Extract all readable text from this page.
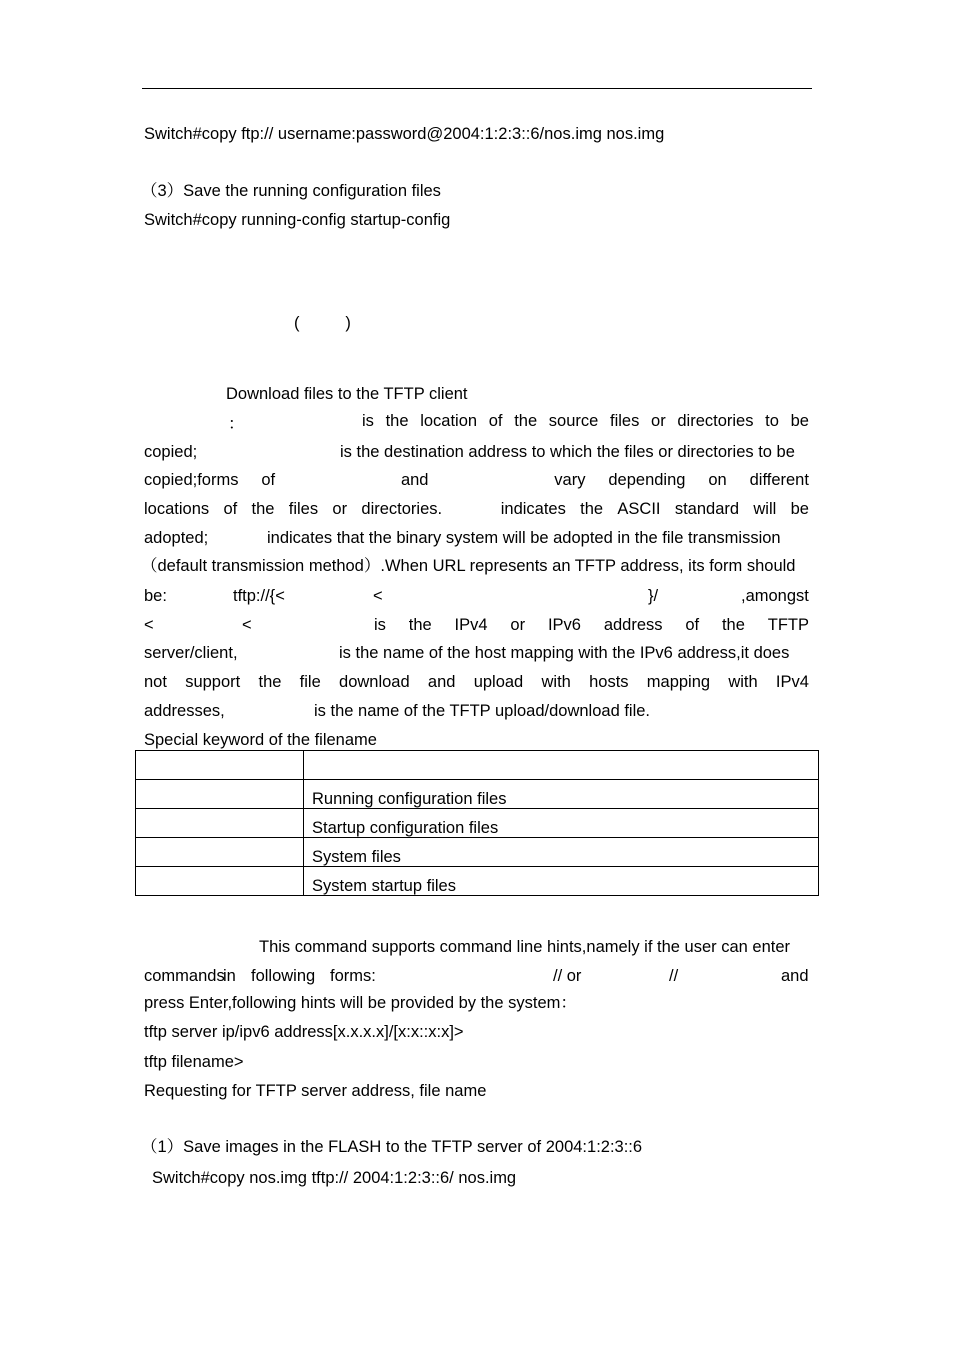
Switch#copy ftp:// username:password@2004:1:2:3::6/nos.img nos.img
（3）Save the running configuration files
Switch#copy running-config startup-config
(          )
Download files to the TFTP client
：	is the location of the source files or directories to be
copied;	is the destination address to which the files or directories to be
copied;forms of	and	vary depending on different
locations of the files or directories.	indicates the ASCII standard will be
adopted;	indicates that the binary system will be adopted in the file transmission
（default transmission method）.When URL represents an TFTP address, its form should
be:	tftp://{<	<	}/	,amongst
<	<	is the IPv4 or IPv6 address of the TFTP
server/client,	is the name of the host mapping with the IPv6 address,it does
not support the file download and upload with hosts mapping with IPv4
addresses,	is the name of the TFTP upload/download file.
Special keyword of the filename

	Running configuration files
	Startup configuration files
	System files
	System startup files
This command supports command line hints,namely if the user can enter
commands
in following forms:	// or	//	and
press Enter,following hints will be provided by the system：
tftp server ip/ipv6 address[x.x.x.x]/[x:x::x:x]>
tftp filename>
Requesting for TFTP server address, file name
（1）Save images in the FLASH to the TFTP server of 2004:1:2:3::6
Switch#copy nos.img tftp:// 2004:1:2:3::6/ nos.img
